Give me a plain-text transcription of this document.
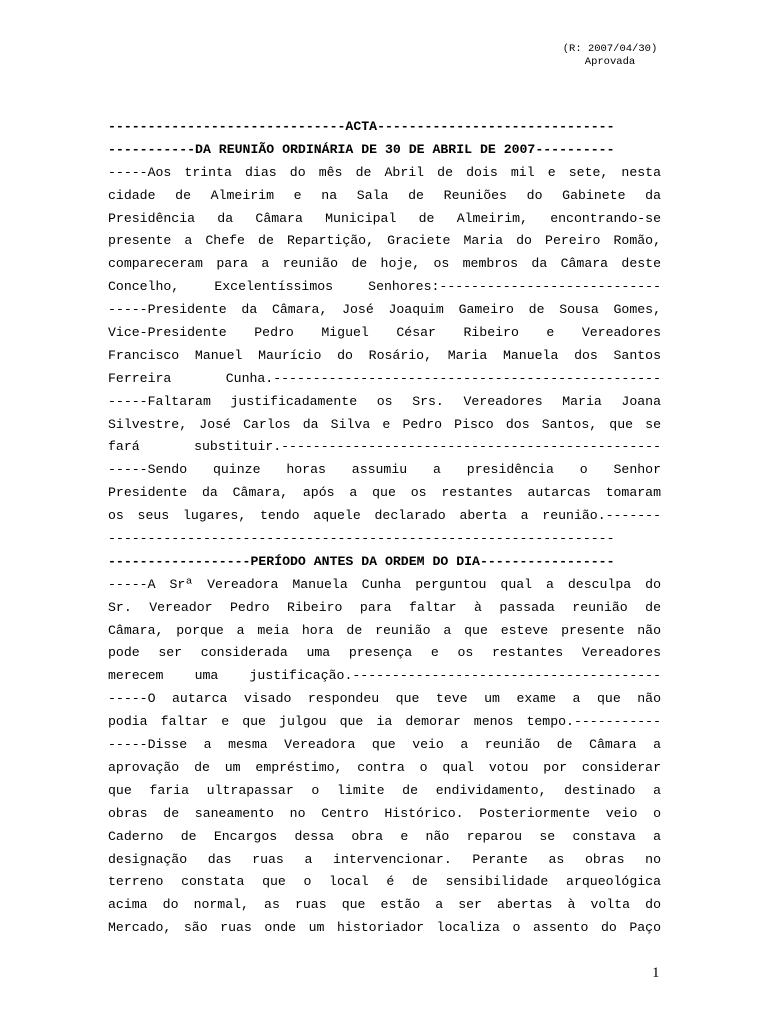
(R: 2007/04/30)
Aprovada
------------------------------ACTA------------------------------
-----------DA REUNIÃO ORDINÁRIA DE 30 DE ABRIL DE 2007----------
-----Aos trinta dias do mês de Abril de dois mil e sete, nesta
cidade de Almeirim e na Sala de Reuniões do Gabinete da
Presidência da Câmara Municipal de Almeirim, encontrando-se
presente a Chefe de Repartição, Graciete Maria do Pereiro Romão,
compareceram para a reunião de hoje, os membros da Câmara deste
Concelho, Excelentíssimos Senhores:----------------------------
-----Presidente da Câmara, José Joaquim Gameiro de Sousa Gomes,
Vice-Presidente Pedro Miguel César Ribeiro e Vereadores
Francisco Manuel Maurício do Rosário, Maria Manuela dos Santos
Ferreira Cunha.-------------------------------------------------
-----Faltaram justificadamente os Srs. Vereadores Maria Joana
Silvestre, José Carlos da Silva e Pedro Pisco dos Santos, que se
fará substituir.------------------------------------------------
-----Sendo quinze horas assumiu a presidência o Senhor
Presidente da Câmara, após a que os restantes autarcas tomaram
os seus lugares, tendo aquele declarado aberta a reunião.-------
----------------------------------------------------------------
------------------PERÍODO ANTES DA ORDEM DO DIA-----------------
-----A Srª Vereadora Manuela Cunha perguntou qual a desculpa do
Sr. Vereador Pedro Ribeiro para faltar à passada reunião de
Câmara, porque a meia hora de reunião a que esteve presente não
pode ser considerada uma presença e os restantes Vereadores
merecem uma justificação.---------------------------------------
-----O autarca visado respondeu que teve um exame a que não
podia faltar e que julgou que ia demorar menos tempo.-----------
-----Disse a mesma Vereadora que veio a reunião de Câmara a
aprovação de um empréstimo, contra o qual votou por considerar
que faria ultrapassar o limite de endividamento, destinado a
obras de saneamento no Centro Histórico. Posteriormente veio o
Caderno de Encargos dessa obra e não reparou se constava a
designação das ruas a intervencionar. Perante as obras no
terreno constata que o local é de sensibilidade arqueológica
acima do normal, as ruas que estão a ser abertas à volta do
Mercado, são ruas onde um historiador localiza o assento do Paço
1
